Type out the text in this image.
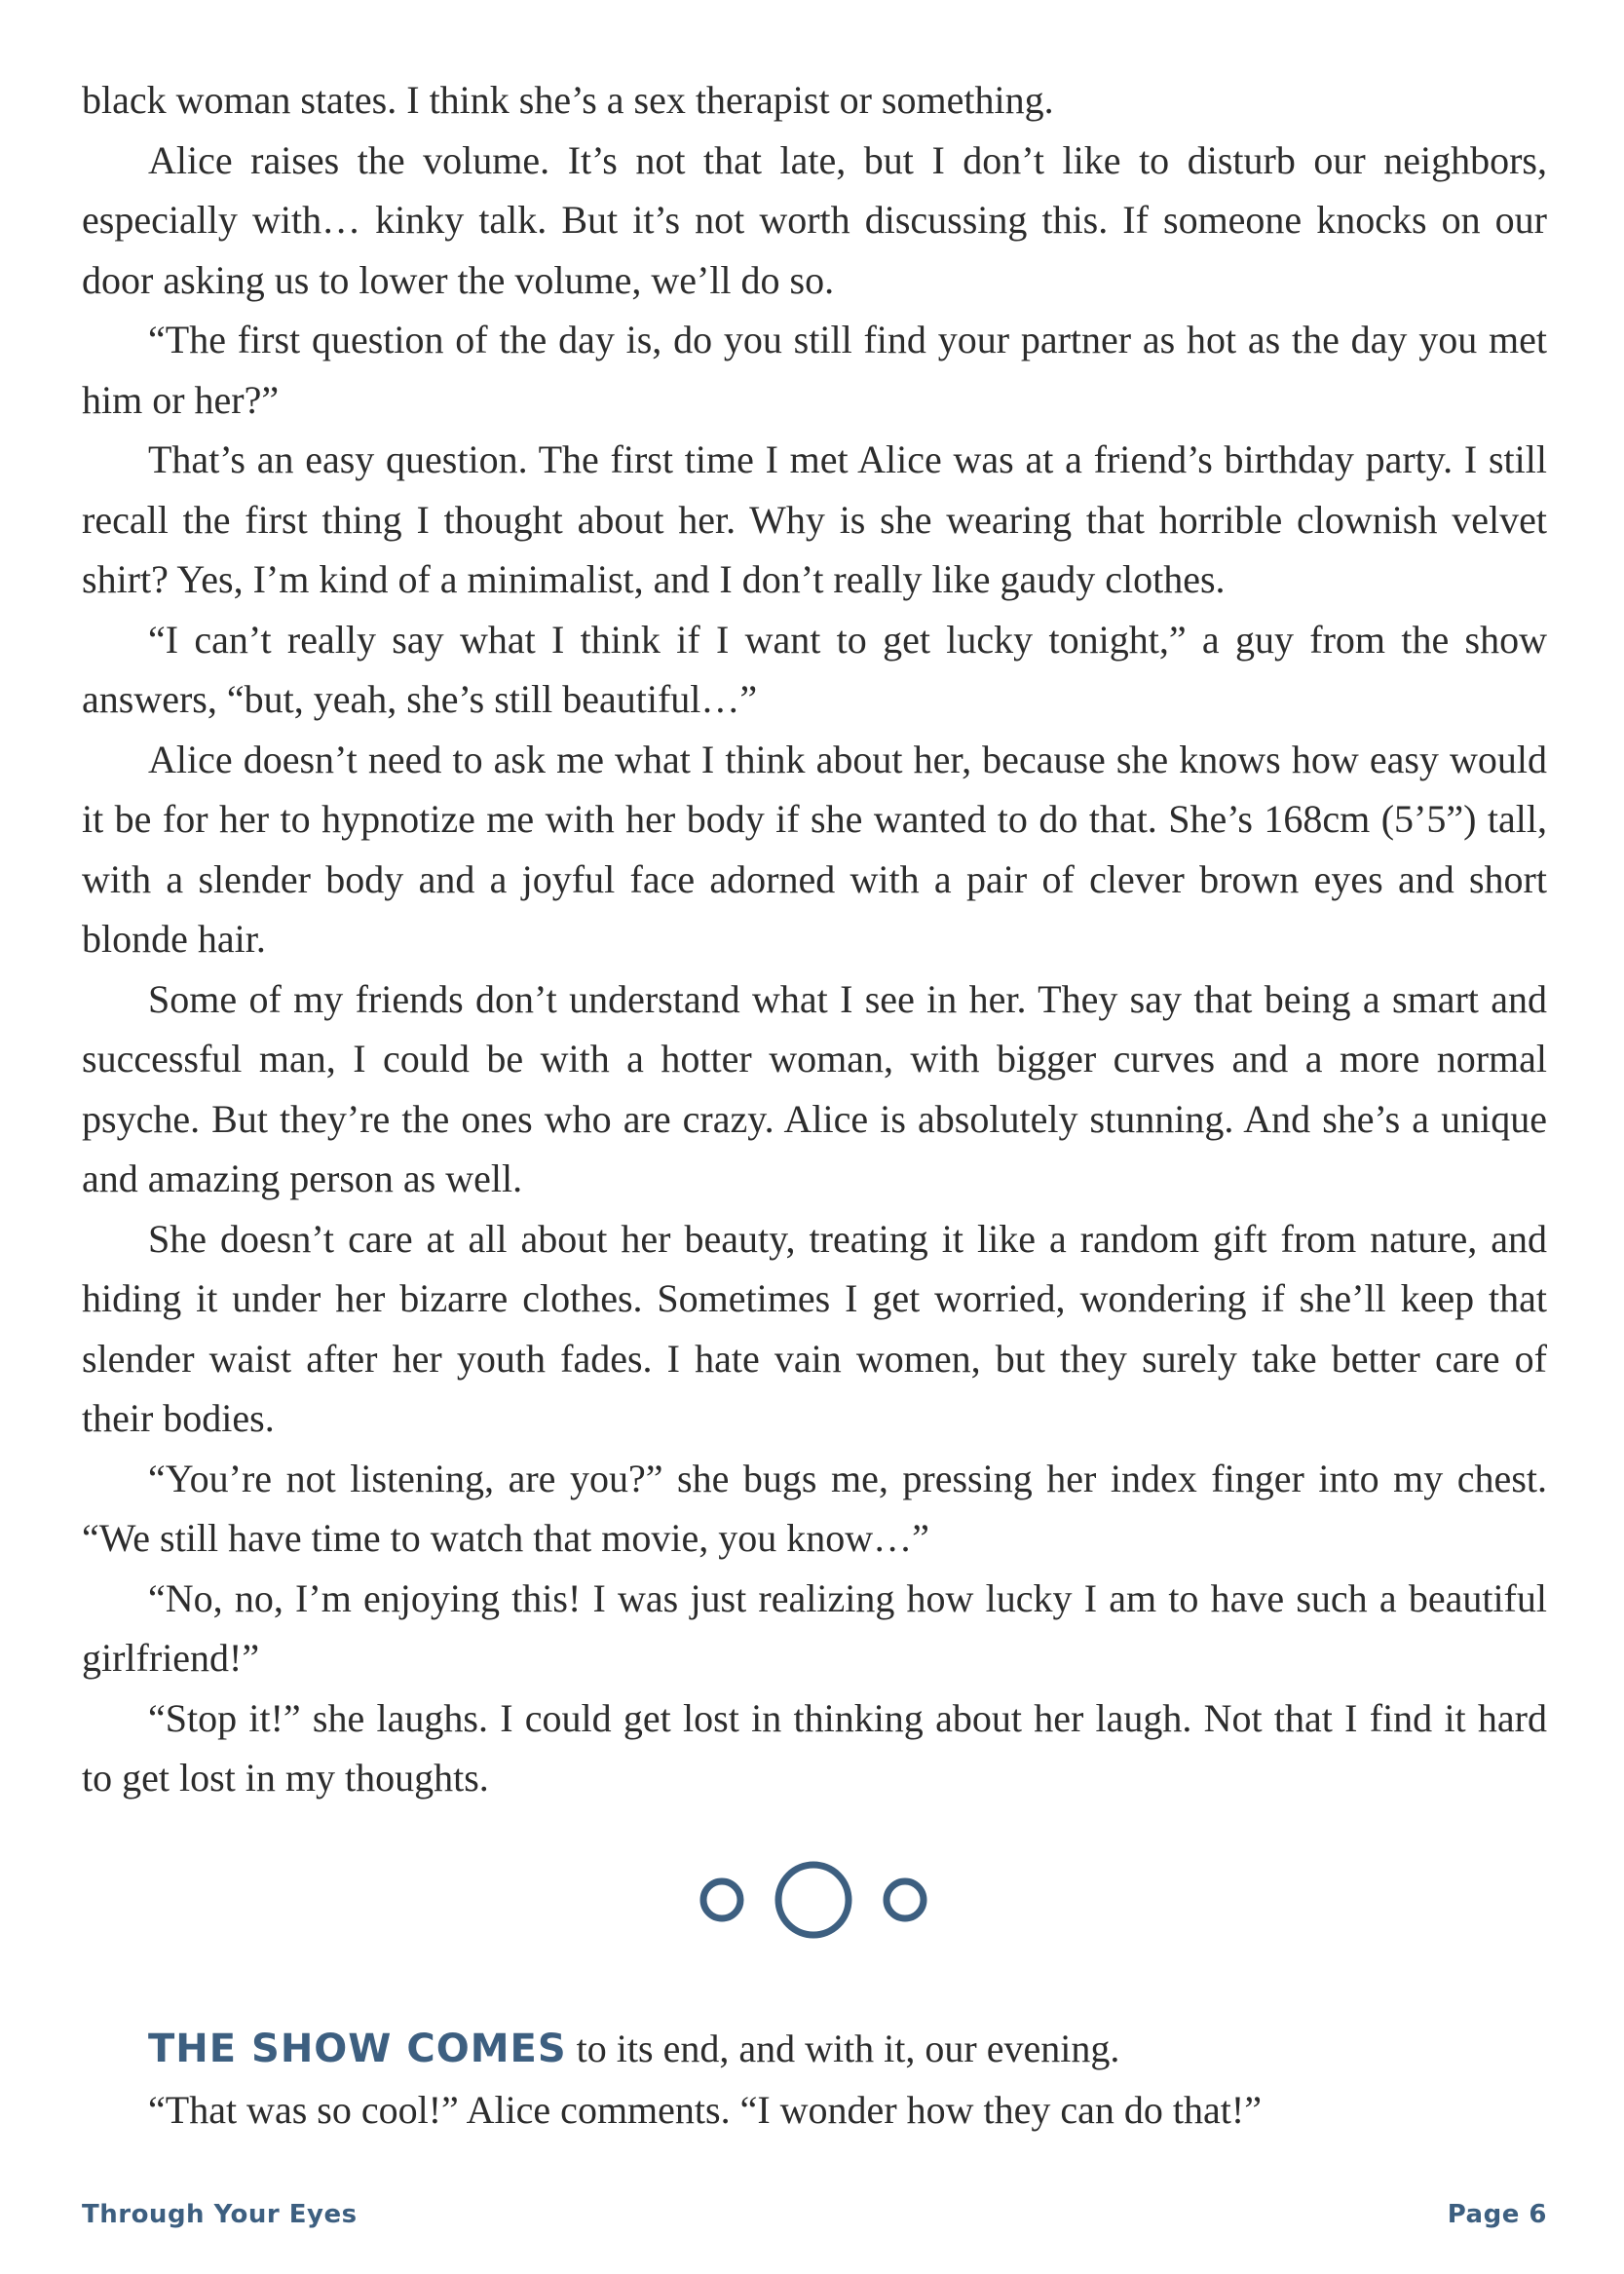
black woman states. I think she’s a sex therapist or something.

Alice raises the volume. It’s not that late, but I don’t like to disturb our neighbors, especially with… kinky talk. But it’s not worth discussing this. If someone knocks on our door asking us to lower the volume, we’ll do so.

“The first question of the day is, do you still find your partner as hot as the day you met him or her?”

That’s an easy question. The first time I met Alice was at a friend’s birthday party. I still recall the first thing I thought about her. Why is she wearing that horrible clownish velvet shirt? Yes, I’m kind of a minimalist, and I don’t really like gaudy clothes.

“I can’t really say what I think if I want to get lucky tonight,” a guy from the show answers, “but, yeah, she’s still beautiful…”

Alice doesn’t need to ask me what I think about her, because she knows how easy would it be for her to hypnotize me with her body if she wanted to do that. She’s 168cm (5’5”) tall, with a slender body and a joyful face adorned with a pair of clever brown eyes and short blonde hair.

Some of my friends don’t understand what I see in her. They say that being a smart and successful man, I could be with a hotter woman, with bigger curves and a more normal psyche. But they’re the ones who are crazy. Alice is absolutely stunning. And she’s a unique and amazing person as well.

She doesn’t care at all about her beauty, treating it like a random gift from nature, and hiding it under her bizarre clothes. Sometimes I get worried, wondering if she’ll keep that slender waist after her youth fades. I hate vain women, but they surely take better care of their bodies.

“You’re not listening, are you?” she bugs me, pressing her index finger into my chest. “We still have time to watch that movie, you know…”

“No, no, I’m enjoying this! I was just realizing how lucky I am to have such a beautiful girlfriend!”

“Stop it!” she laughs. I could get lost in thinking about her laugh. Not that I find it hard to get lost in my thoughts.

THE SHOW COMES to its end, and with it, our evening.

“That was so cool!” Alice comments. “I wonder how they can do that!”

Through Your Eyes	Page 6
